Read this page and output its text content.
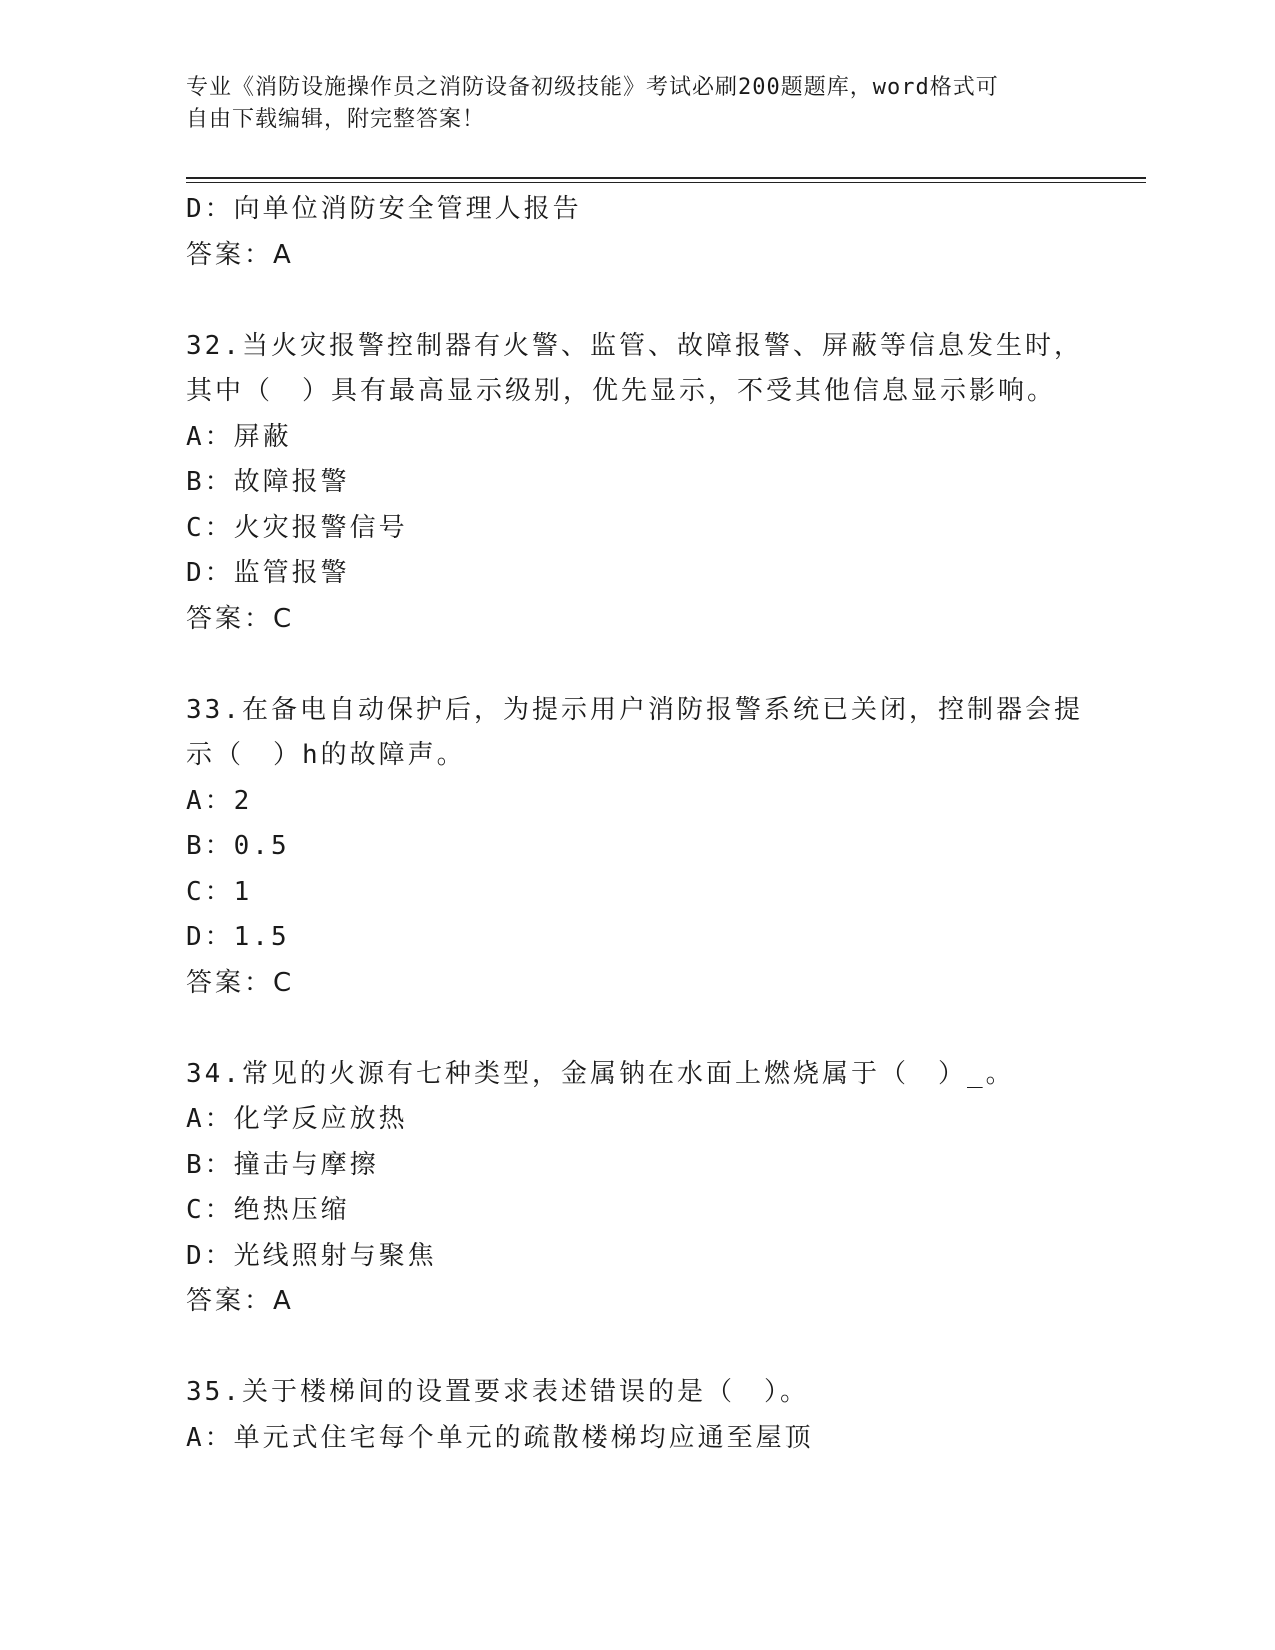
专业《消防设施操作员之消防设备初级技能》考试必刷200题题库，word格式可
自由下载编辑，附完整答案！
D：向单位消防安全管理人报告
答案：A
32.当火灾报警控制器有火警、监管、故障报警、屏蔽等信息发生时，
其中（　）具有最高显示级别，优先显示，不受其他信息显示影响。
A：屏蔽
B：故障报警
C：火灾报警信号
D：监管报警
答案：C
33.在备电自动保护后，为提示用户消防报警系统已关闭，控制器会提
示（　）h的故障声。
A：2
B：0.5
C：1
D：1.5
答案：C
34.常见的火源有七种类型，金属钠在水面上燃烧属于（　）_。
A：化学反应放热
B：撞击与摩擦
C：绝热压缩
D：光线照射与聚焦
答案：A
35.关于楼梯间的设置要求表述错误的是（　）。
A：单元式住宅每个单元的疏散楼梯均应通至屋顶
